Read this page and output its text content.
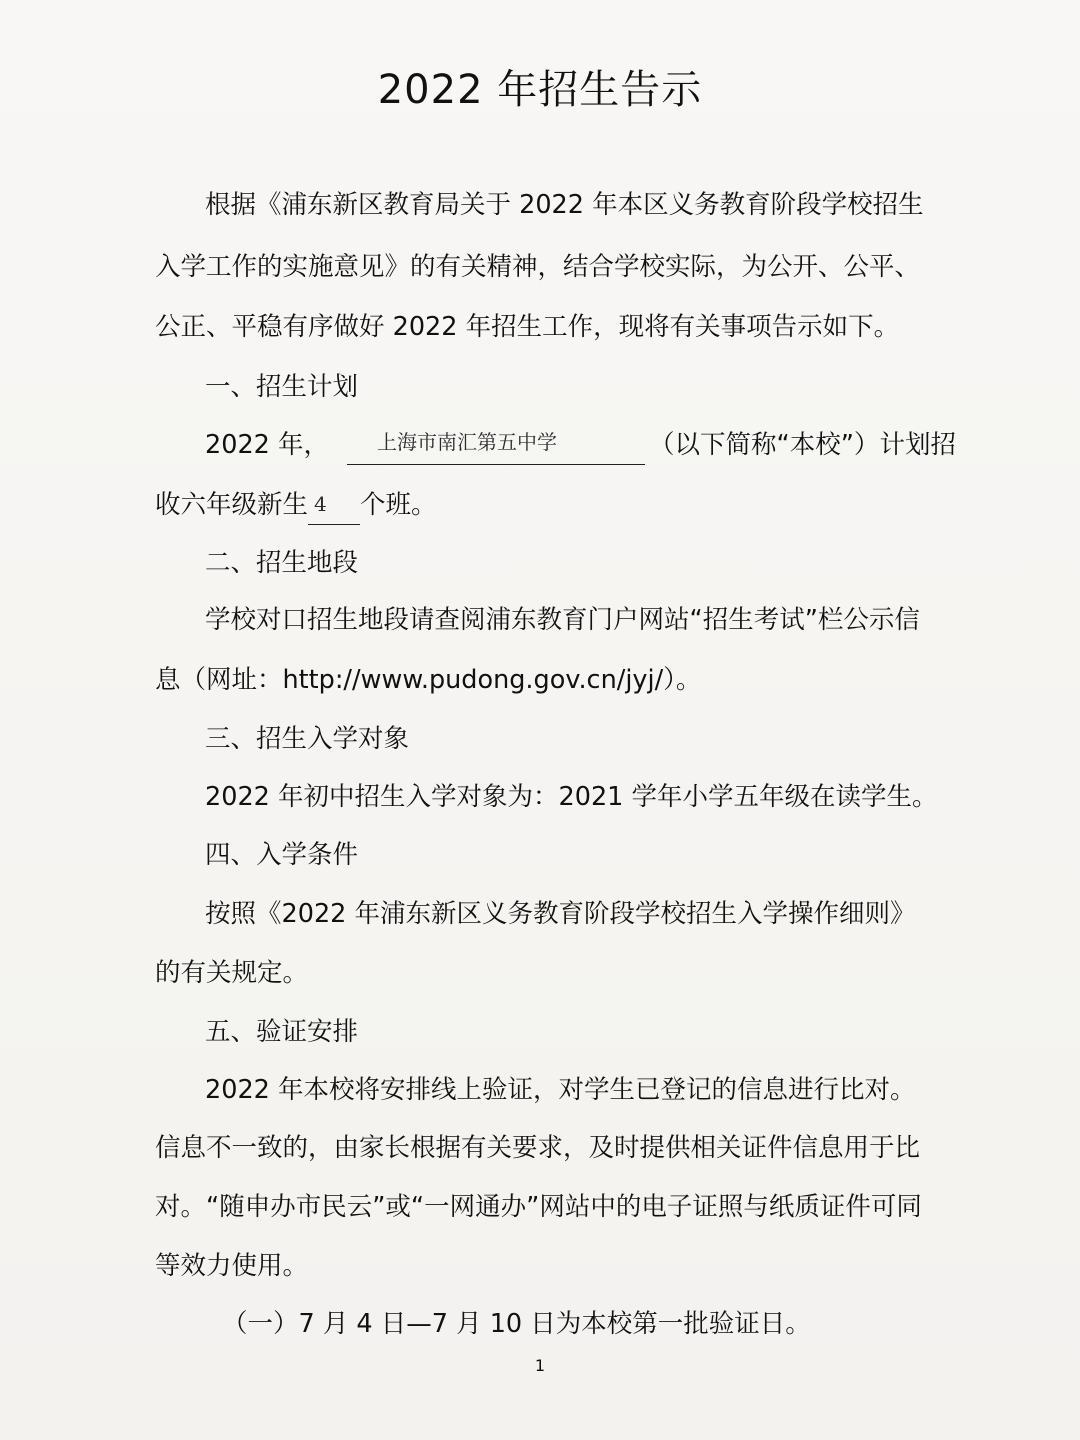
2022 年招生告示
根据《浦东新区教育局关于 2022 年本区义务教育阶段学校招生
入学工作的实施意见》的有关精神，结合学校实际，为公开、公平、
公正、平稳有序做好 2022 年招生工作，现将有关事项告示如下。
一、招生计划
2022 年， 上海市南汇第五中学	（以下简称“本校”）计划招
收六年级新生 4 个班。
二、招生地段
学校对口招生地段请查阅浦东教育门户网站“招生考试”栏公示信
息（网址：http://www.pudong.gov.cn/jyj/）。
三、招生入学对象
2022 年初中招生入学对象为：2021 学年小学五年级在读学生。
四、入学条件
按照《2022 年浦东新区义务教育阶段学校招生入学操作细则》
的有关规定。
五、验证安排
2022 年本校将安排线上验证，对学生已登记的信息进行比对。
信息不一致的，由家长根据有关要求，及时提供相关证件信息用于比
对。“随申办市民云”或“一网通办”网站中的电子证照与纸质证件可同
等效力使用。
（一）7 月 4 日—7 月 10 日为本校第一批验证日。
1
